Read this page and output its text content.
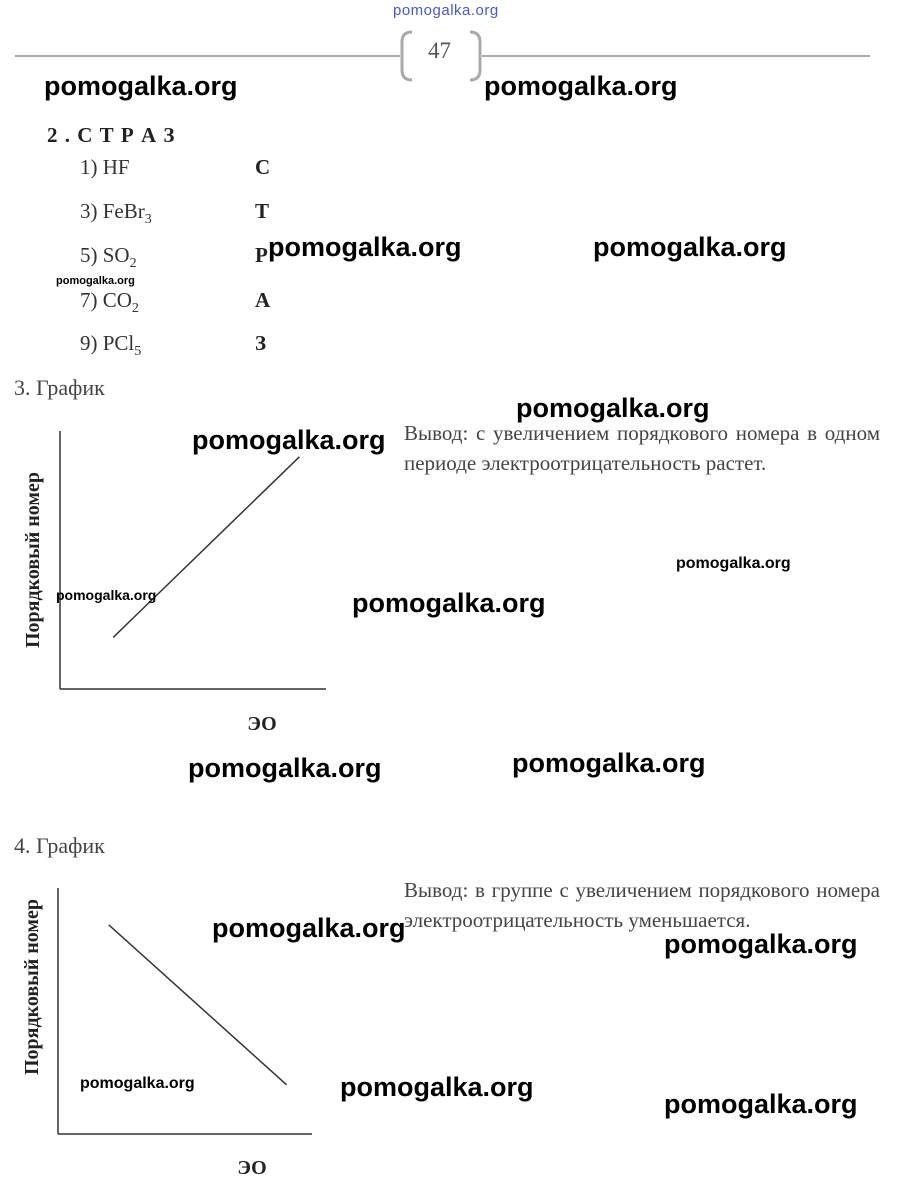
pomogalka.org
47
pomogalka.org	pomogalka.org
2 . С Т Р А З
1) HF	С
3) FeBr$_3$	Т
5) $SO_2$	Р
7) $CO_2$	А
9) PCl$_5$	З
pomogalka.org	pomogalka.org
pomogalka.org
3. График
Порядковый номер
ЭО
Вывод: с увеличением порядкового номера в одном периоде электроотрицательность растет.
pomogalka.org
pomogalka.org
pomogalka.org
pomogalka.org	pomogalka.org
pomogalka.org	pomogalka.org
4. График
Порядковый номер
ЭО
Вывод: в группе с увеличением порядкового номера электроотрицательность уменьшается.
pomogalka.org
pomogalka.org
pomogalka.org	pomogalka.org
pomogalka.org
